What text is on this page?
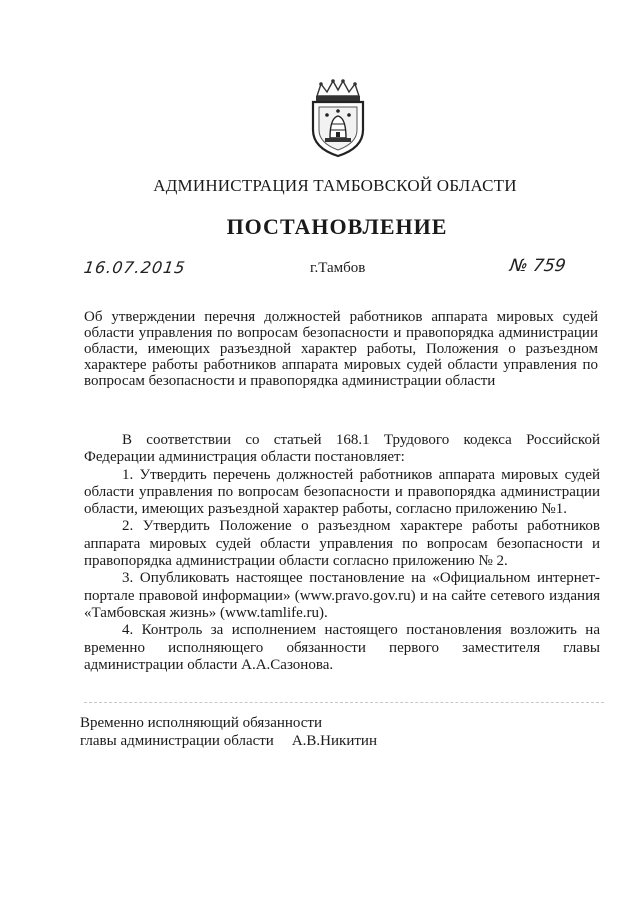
АДМИНИСТРАЦИЯ ТАМБОВСКОЙ ОБЛАСТИ
ПОСТАНОВЛЕНИЕ
16.07.2015	г.Тамбов	№ 759
Об утверждении перечня должностей работников аппарата мировых судей области управления по вопросам безопасности и правопорядка администрации области, имеющих разъездной характер работы, Положения о разъездном характере работы работников аппарата мировых судей области управления по вопросам безопасности и правопорядка администрации области

В соответствии со статьей 168.1 Трудового кодекса Российской Федерации администрация области постановляет:

1. Утвердить перечень должностей работников аппарата мировых судей области управления по вопросам безопасности и правопорядка администрации области, имеющих разъездной характер работы, согласно приложению №1.

2. Утвердить Положение о разъездном характере работы работников аппарата мировых судей области управления по вопросам безопасности и правопорядка администрации области согласно приложению № 2.

3. Опубликовать настоящее постановление на «Официальном интернет-портале правовой информации» (www.pravo.gov.ru) и на сайте сетевого издания «Тамбовская жизнь» (www.tamlife.ru).

4. Контроль за исполнением настоящего постановления возложить на временно исполняющего обязанности первого заместителя главы администрации области А.А.Сазонова.

Временно исполняющий обязанности
главы администрации области А.В.Никитин
